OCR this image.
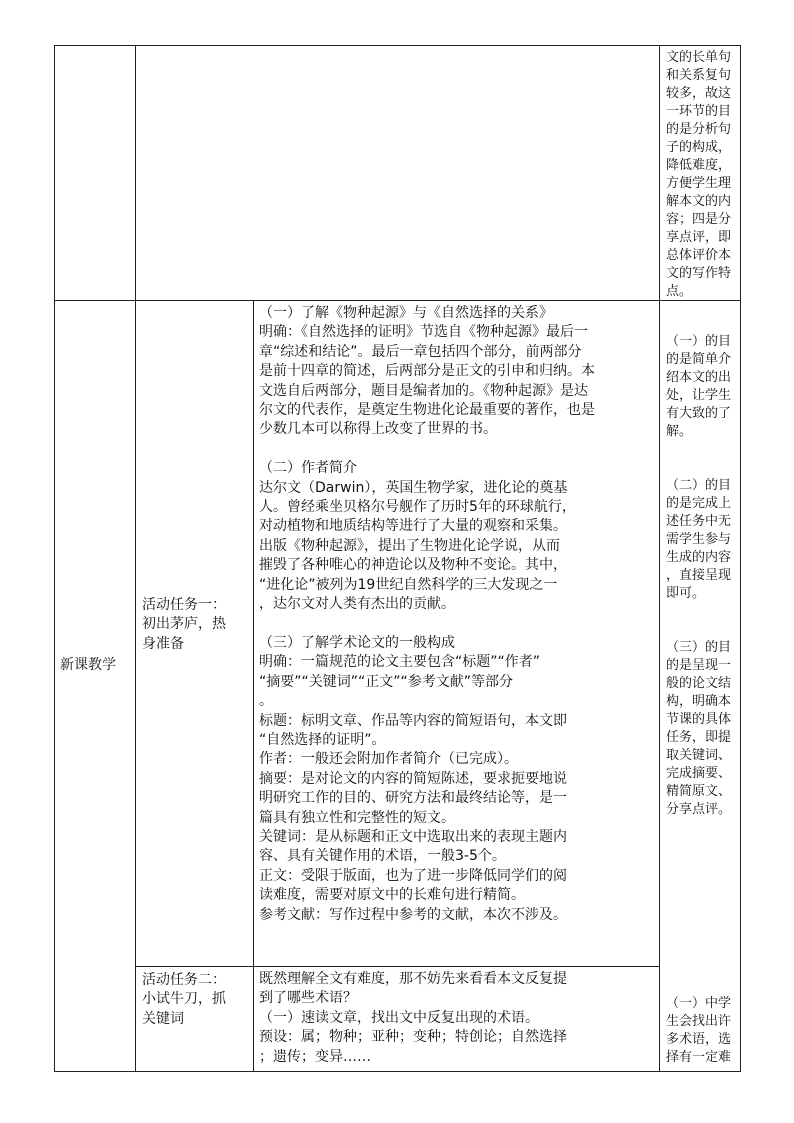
文的长单句

和关系复句

较多，故这

一环节的目

的是分析句

子的构成，

降低难度，

方便学生理

解本文的内

容；四是分

享点评，即

总体评价本

文的写作特

点。

新课教学

活动任务一：

初出茅庐，热

身准备

（一）了解《物种起源》与《自然选择的关系》

明确：《自然选择的证明》节选自《物种起源》最后一

章“综述和结论”。最后一章包括四个部分，前两部分

是前十四章的简述，后两部分是正文的引申和归纳。本

文选自后两部分，题目是编者加的。《物种起源》是达

尔文的代表作，是奠定生物进化论最重要的著作，也是

少数几本可以称得上改变了世界的书。

（二）作者简介

达尔文（Darwin），英国生物学家，进化论的奠基

人。曾经乘坐贝格尔号舰作了历时5年的环球航行，

对动植物和地质结构等进行了大量的观察和采集。

出版《物种起源》，提出了生物进化论学说，从而

摧毁了各种唯心的神造论以及物种不变论。其中，

“进化论”被列为19世纪自然科学的三大发现之一

，达尔文对人类有杰出的贡献。

（三）了解学术论文的一般构成

明确：一篇规范的论文主要包含“标题”“作者”

“摘要”“关键词”“正文”“参考文献”等部分

。

标题：标明文章、作品等内容的简短语句，本文即

“自然选择的证明”。

作者：一般还会附加作者简介（已完成）。

摘要：是对论文的内容的简短陈述，要求扼要地说

明研究工作的目的、研究方法和最终结论等，是一

篇具有独立性和完整性的短文。

关键词：是从标题和正文中选取出来的表现主题内

容、具有关键作用的术语，一般3-5个。

正文：受限于版面，也为了进一步降低同学们的阅

读难度，需要对原文中的长难句进行精简。

参考文献：写作过程中参考的文献，本次不涉及。

（一）的目

的是简单介

绍本文的出

处，让学生

有大致的了

解。

（二）的目

的是完成上

述任务中无

需学生参与

生成的内容

，直接呈现

即可。

（三）的目

的是呈现一

般的论文结

构，明确本

节课的具体

任务，即提

取关键词、

完成摘要、

精简原文、

分享点评。

活动任务二：

小试牛刀，抓

关键词

既然理解全文有难度，那不妨先来看看本文反复提

到了哪些术语？

（一）速读文章，找出文中反复出现的术语。

预设：属；物种；亚种；变种；特创论；自然选择

；遗传；变异……

（一）中学

生会找出许

多术语，选

择有一定难
